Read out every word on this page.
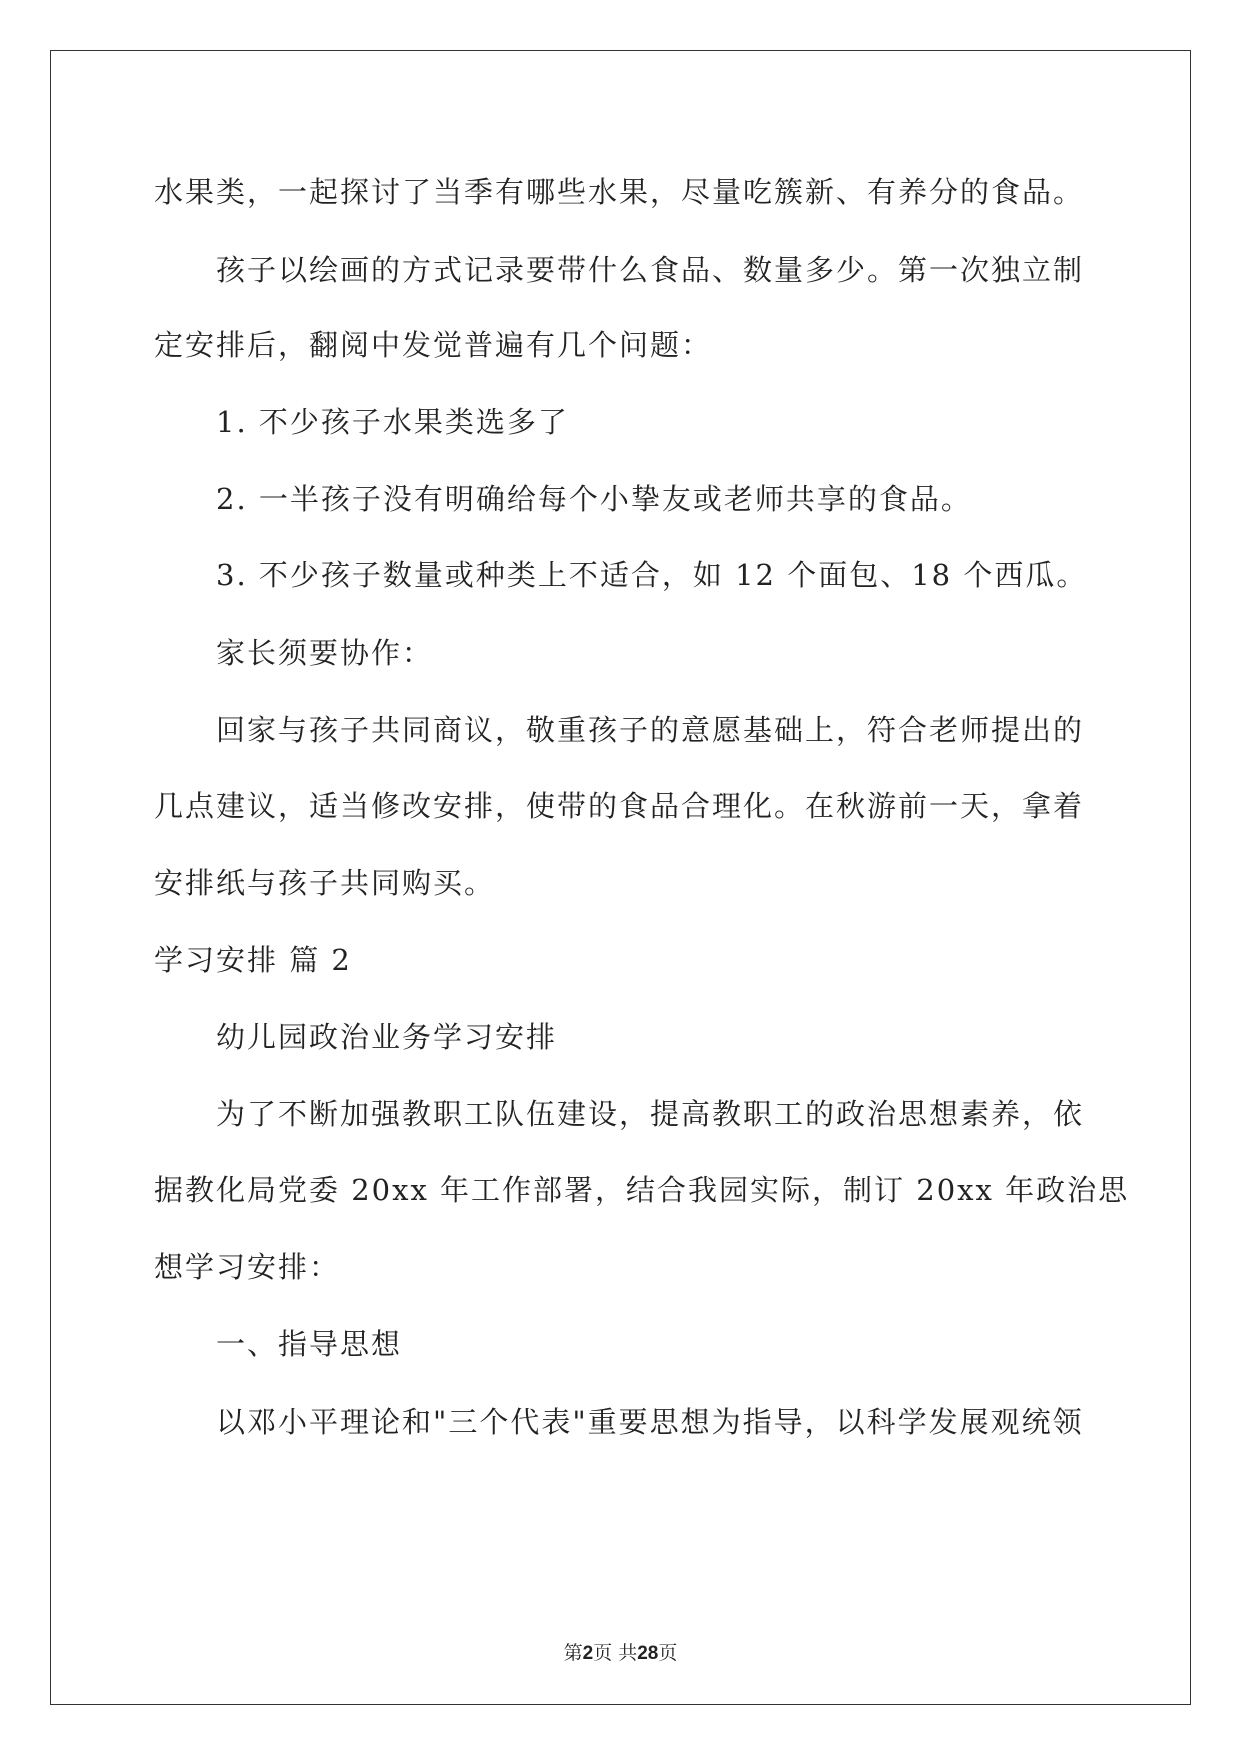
水果类，一起探讨了当季有哪些水果，尽量吃簇新、有养分的食品。
孩子以绘画的方式记录要带什么食品、数量多少。第一次独立制
定安排后，翻阅中发觉普遍有几个问题：
1. 不少孩子水果类选多了
2. 一半孩子没有明确给每个小挚友或老师共享的食品。
3. 不少孩子数量或种类上不适合，如 12 个面包、18 个西瓜。
家长须要协作：
回家与孩子共同商议，敬重孩子的意愿基础上，符合老师提出的
几点建议，适当修改安排，使带的食品合理化。在秋游前一天，拿着
安排纸与孩子共同购买。
学习安排 篇 2
幼儿园政治业务学习安排
为了不断加强教职工队伍建设，提高教职工的政治思想素养，依
据教化局党委 20xx 年工作部署，结合我园实际，制订 20xx 年政治思
想学习安排：
一、指导思想
以邓小平理论和"三个代表"重要思想为指导，以科学发展观统领
第2页 共28页
